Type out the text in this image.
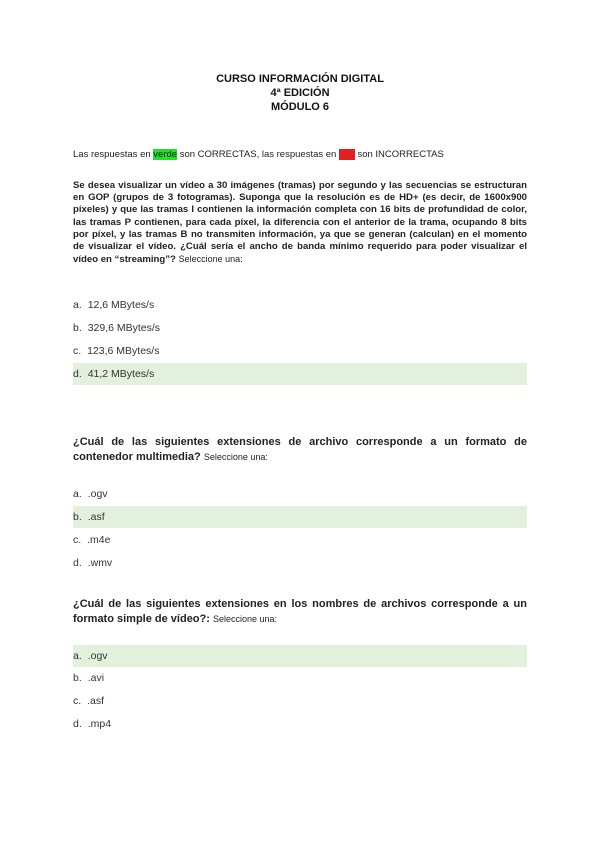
CURSO INFORMACIÓN DIGITAL
4ª EDICIÓN
MÓDULO 6
Las respuestas en verde son CORRECTAS, las respuestas en rojo son INCORRECTAS
Se desea visualizar un vídeo a 30 imágenes (tramas) por segundo y las secuencias se estructuran en GOP (grupos de 3 fotogramas). Suponga que la resolución es de HD+ (es decir, de 1600x900 píxeles) y que las tramas I contienen la información completa con 16 bits de profundidad de color, las tramas P contienen, para cada píxel, la diferencia con el anterior de la trama, ocupando 8 bits por píxel, y las tramas B no transmiten información, ya que se generan (calculan) en el momento de visualizar el vídeo. ¿Cuál sería el ancho de banda mínimo requerido para poder visualizar el vídeo en “streaming”? Seleccione una:
a. 12,6 MBytes/s
b. 329,6 MBytes/s
c. 123,6 MBytes/s
d. 41,2 MBytes/s
¿Cuál de las siguientes extensiones de archivo corresponde a un formato de contenedor multimedia? Seleccione una:
a. .ogv
b. .asf
c. .m4e
d. .wmv
¿Cuál de las siguientes extensiones en los nombres de archivos corresponde a un formato simple de vídeo?: Seleccione una:
a. .ogv
b. .avi
c. .asf
d. .mp4
